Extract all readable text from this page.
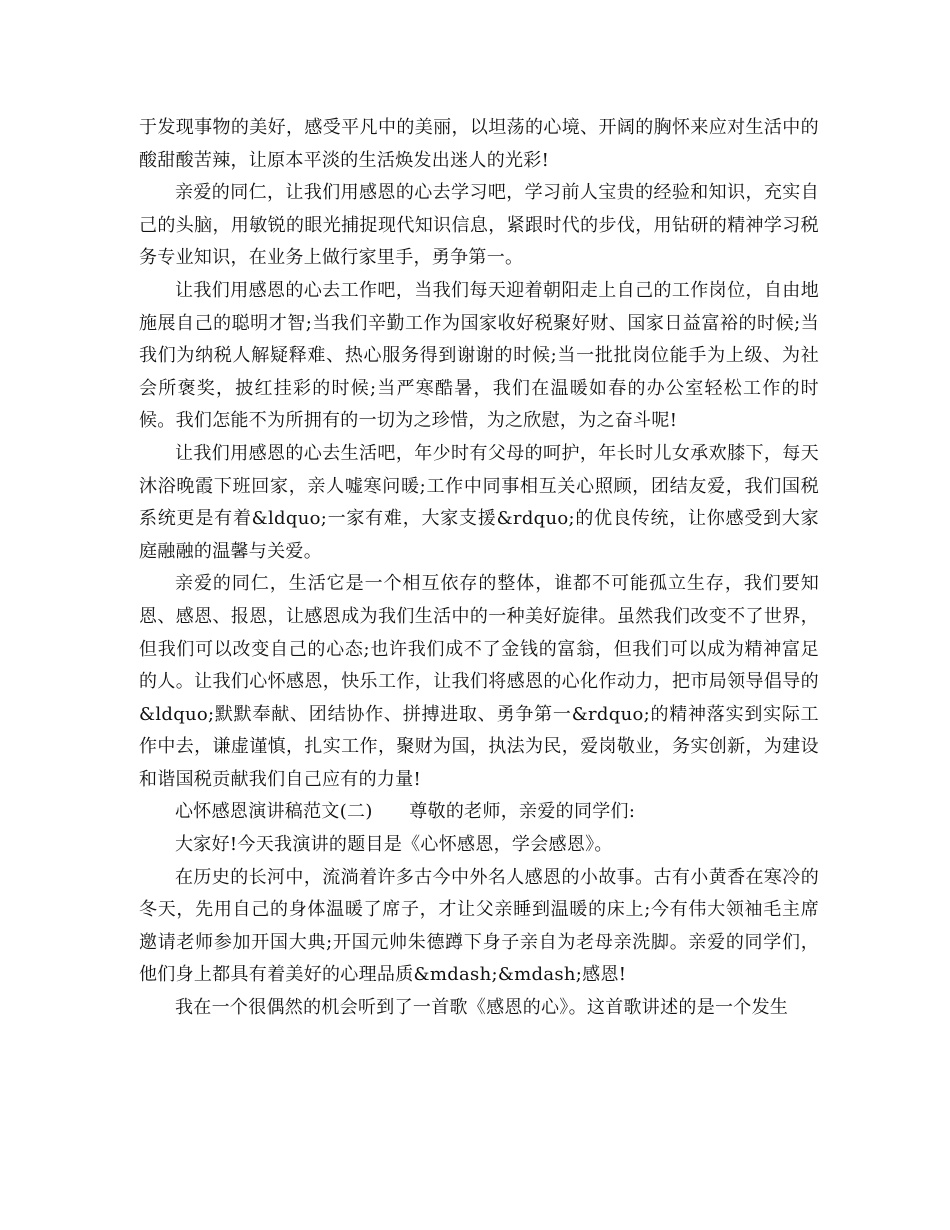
于发现事物的美好，感受平凡中的美丽，以坦荡的心境、开阔的胸怀来应对生活中的酸甜酸苦辣，让原本平淡的生活焕发出迷人的光彩!

亲爱的同仁，让我们用感恩的心去学习吧，学习前人宝贵的经验和知识，充实自己的头脑，用敏锐的眼光捕捉现代知识信息，紧跟时代的步伐，用钻研的精神学习税务专业知识，在业务上做行家里手，勇争第一。

让我们用感恩的心去工作吧，当我们每天迎着朝阳走上自己的工作岗位，自由地施展自己的聪明才智;当我们辛勤工作为国家收好税聚好财、国家日益富裕的时候;当我们为纳税人解疑释难、热心服务得到谢谢的时候;当一批批岗位能手为上级、为社会所褒奖，披红挂彩的时候;当严寒酷暑，我们在温暖如春的办公室轻松工作的时候。我们怎能不为所拥有的一切为之珍惜，为之欣慰，为之奋斗呢!

让我们用感恩的心去生活吧，年少时有父母的呵护，年长时儿女承欢膝下，每天沐浴晚霞下班回家，亲人嘘寒问暖;工作中同事相互关心照顾，团结友爱，我们国税系统更是有着&ldquo;一家有难，大家支援&rdquo;的优良传统，让你感受到大家庭融融的温馨与关爱。

亲爱的同仁，生活它是一个相互依存的整体，谁都不可能孤立生存，我们要知恩、感恩、报恩，让感恩成为我们生活中的一种美好旋律。虽然我们改变不了世界，但我们可以改变自己的心态;也许我们成不了金钱的富翁，但我们可以成为精神富足的人。让我们心怀感恩，快乐工作，让我们将感恩的心化作动力，把市局领导倡导的&ldquo;默默奉献、团结协作、拼搏进取、勇争第一&rdquo;的精神落实到实际工作中去，谦虚谨慎，扎实工作，聚财为国，执法为民，爱岗敬业，务实创新，为建设和谐国税贡献我们自己应有的力量!

心怀感恩演讲稿范文(二)　　尊敬的老师，亲爱的同学们:

大家好!今天我演讲的题目是《心怀感恩，学会感恩》。

在历史的长河中，流淌着许多古今中外名人感恩的小故事。古有小黄香在寒冷的冬天，先用自己的身体温暖了席子，才让父亲睡到温暖的床上;今有伟大领袖毛主席邀请老师参加开国大典;开国元帅朱德蹲下身子亲自为老母亲洗脚。亲爱的同学们，他们身上都具有着美好的心理品质&mdash;&mdash;感恩!

我在一个很偶然的机会听到了一首歌《感恩的心》。这首歌讲述的是一个发生
